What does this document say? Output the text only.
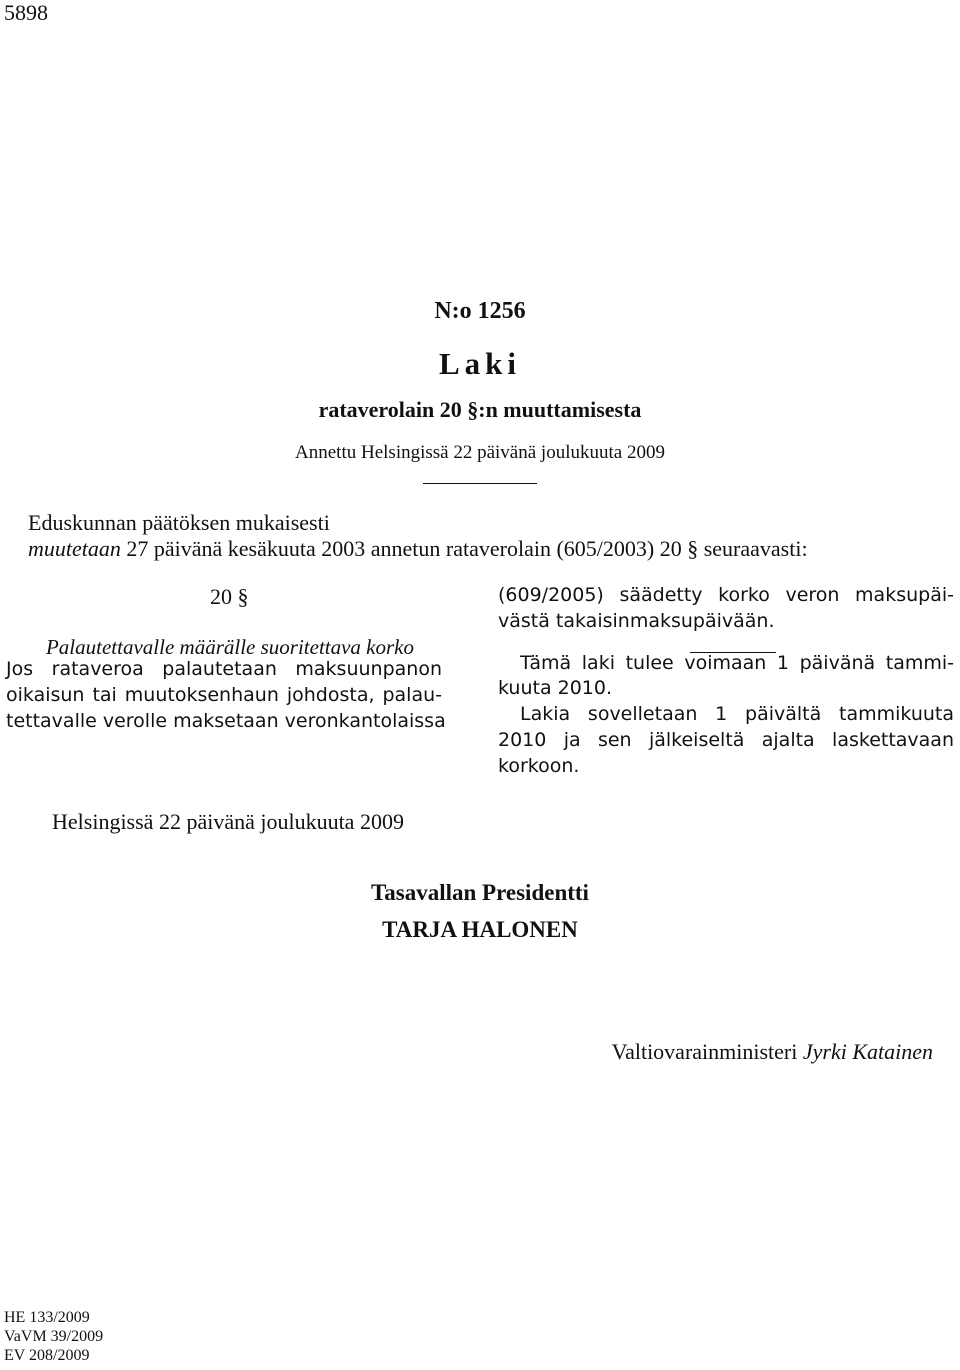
5898
N:o 1256
Laki
rataverolain 20 §:n muuttamisesta
Annettu Helsingissä 22 päivänä joulukuuta 2009
Eduskunnan päätöksen mukaisesti
muutetaan 27 päivänä kesäkuuta 2003 annetun rataverolain (605/2003) 20 § seuraavasti:
20 §
Palautettavalle määrälle suoritettava korko
Jos rataveroa palautetaan maksuunpanon
oikaisun tai muutoksenhaun johdosta, palau-
tettavalle verolle maksetaan veronkantolaissa
(609/2005) säädetty korko veron maksupäi-
västä takaisinmaksupäivään.
Tämä laki tulee voimaan 1 päivänä tammi-
kuuta 2010.
Lakia sovelletaan 1 päivältä tammikuuta
2010 ja sen jälkeiseltä ajalta laskettavaan
korkoon.
Helsingissä 22 päivänä joulukuuta 2009
Tasavallan Presidentti
TARJA HALONEN
Valtiovarainministeri Jyrki Katainen
HE 133/2009
VaVM 39/2009
EV 208/2009
